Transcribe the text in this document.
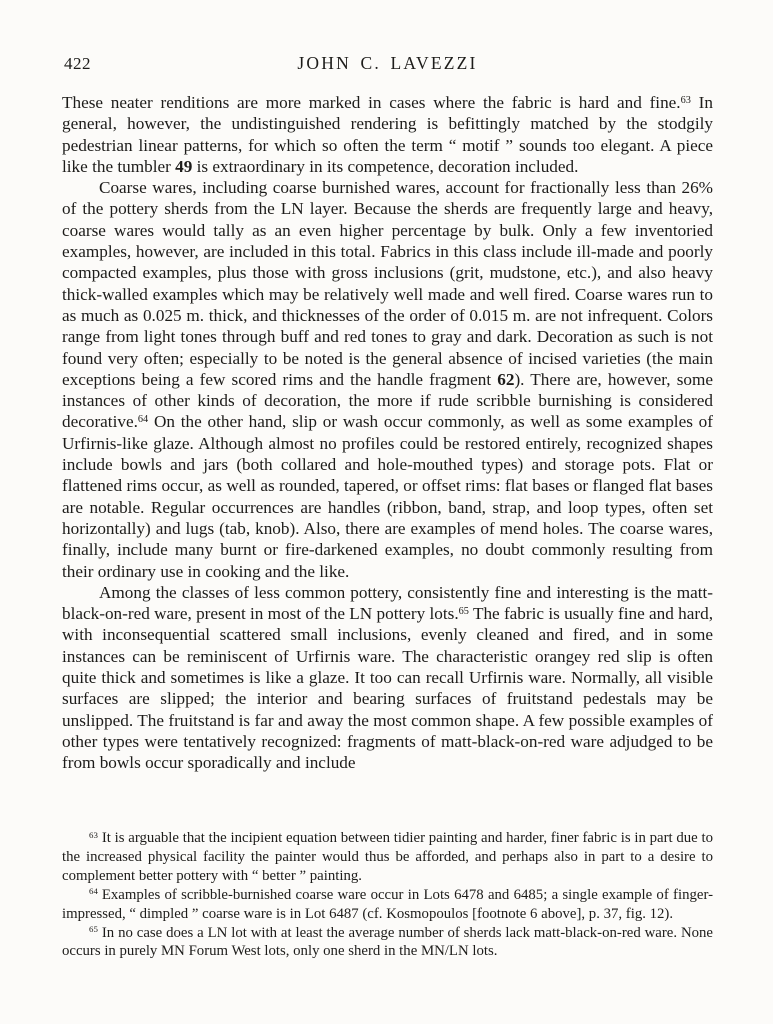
422	JOHN C. LAVEZZI

These neater renditions are more marked in cases where the fabric is hard and fine.$^{63}$ In general, however, the undistinguished rendering is befittingly matched by the stodgily pedestrian linear patterns, for which so often the term “ motif ” sounds too elegant. A piece like the tumbler 49 is extraordinary in its competence, decoration included.

Coarse wares, including coarse burnished wares, account for fractionally less than 26% of the pottery sherds from the LN layer. Because the sherds are frequently large and heavy, coarse wares would tally as an even higher percentage by bulk. Only a few inventoried examples, however, are included in this total. Fabrics in this class include ill-made and poorly compacted examples, plus those with gross inclusions (grit, mudstone, etc.), and also heavy thick-walled examples which may be relatively well made and well fired. Coarse wares run to as much as 0.025 m. thick, and thicknesses of the order of 0.015 m. are not infrequent. Colors range from light tones through buff and red tones to gray and dark. Decoration as such is not found very often; especially to be noted is the general absence of incised varieties (the main exceptions being a few scored rims and the handle fragment 62). There are, however, some instances of other kinds of decoration, the more if rude scribble burnishing is considered decorative.$^{64}$ On the other hand, slip or wash occur commonly, as well as some examples of Urfirnis-like glaze. Although almost no profiles could be restored entirely, recognized shapes include bowls and jars (both collared and hole-mouthed types) and storage pots. Flat or flattened rims occur, as well as rounded, tapered, or offset rims: flat bases or flanged flat bases are notable. Regular occurrences are handles (ribbon, band, strap, and loop types, often set horizontally) and lugs (tab, knob). Also, there are examples of mend holes. The coarse wares, finally, include many burnt or fire-darkened examples, no doubt commonly resulting from their ordinary use in cooking and the like.

Among the classes of less common pottery, consistently fine and interesting is the matt-black-on-red ware, present in most of the LN pottery lots.$^{65}$ The fabric is usually fine and hard, with inconsequential scattered small inclusions, evenly cleaned and fired, and in some instances can be reminiscent of Urfirnis ware. The characteristic orangey red slip is often quite thick and sometimes is like a glaze. It too can recall Urfirnis ware. Normally, all visible surfaces are slipped; the interior and bearing surfaces of fruitstand pedestals may be unslipped. The fruitstand is far and away the most common shape. A few possible examples of other types were tentatively recognized: fragments of matt-black-on-red ware adjudged to be from bowls occur sporadically and include

$^{63}$ It is arguable that the incipient equation between tidier painting and harder, finer fabric is in part due to the increased physical facility the painter would thus be afforded, and perhaps also in part to a desire to complement better pottery with “ better ” painting.

$^{64}$ Examples of scribble-burnished coarse ware occur in Lots 6478 and 6485; a single example of finger-impressed, “ dimpled ” coarse ware is in Lot 6487 (cf. Kosmopoulos [footnote 6 above], p. 37, fig. 12).

$^{65}$ In no case does a LN lot with at least the average number of sherds lack matt-black-on-red ware. None occurs in purely MN Forum West lots, only one sherd in the MN/LN lots.
